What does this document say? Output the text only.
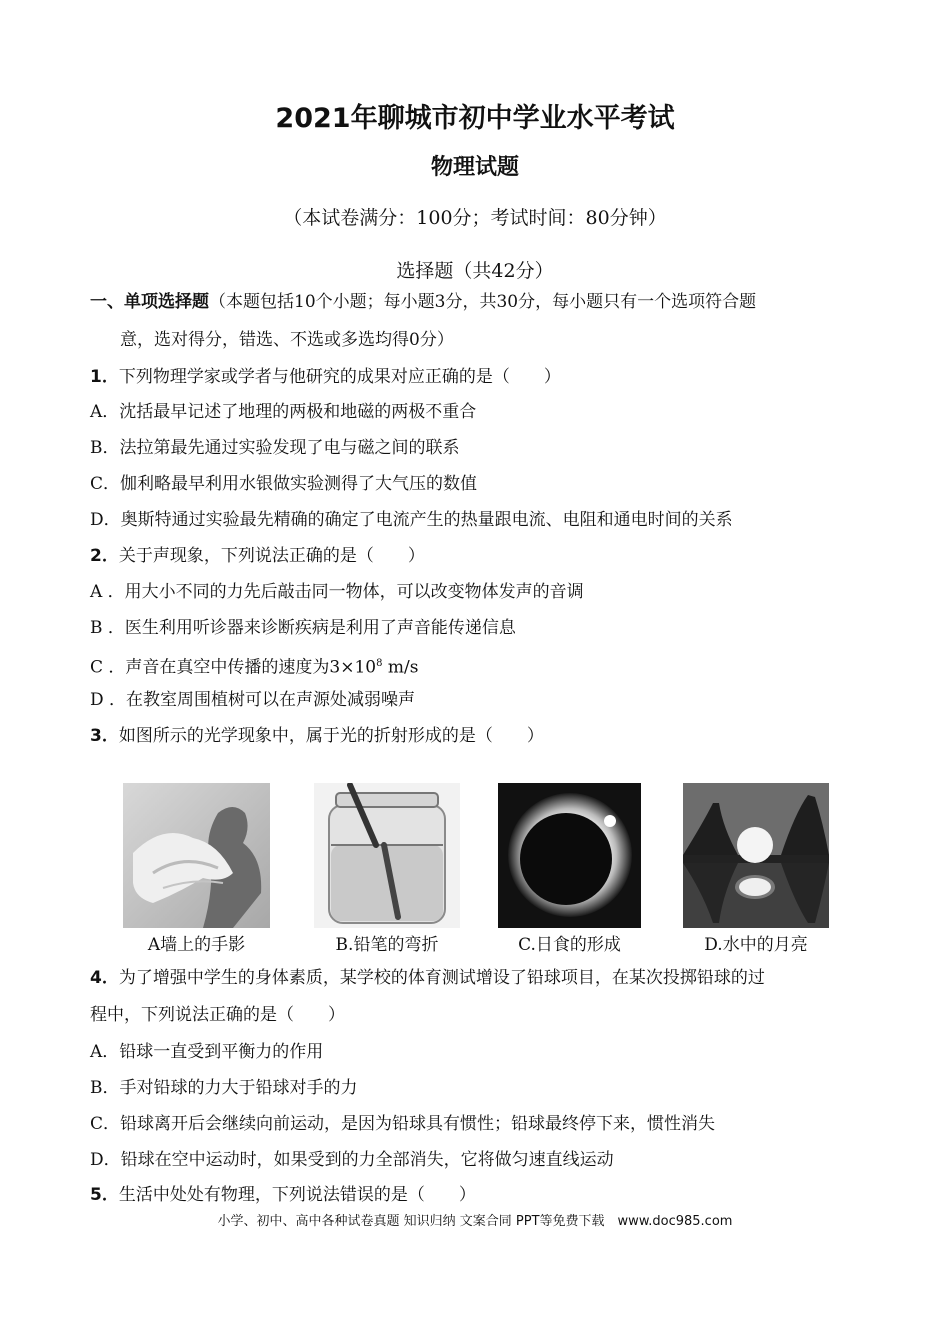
2021年聊城市初中学业水平考试
物理试题
（本试卷满分：100分；考试时间：80分钟）
选择题（共42分）
一、单项选择题（本题包括10个小题；每小题3分，共30分，每小题只有一个选项符合题
意，选对得分，错选、不选或多选均得0分）
1．下列物理学家或学者与他研究的成果对应正确的是（　　）
A．沈括最早记述了地理的两极和地磁的两极不重合
B．法拉第最先通过实验发现了电与磁之间的联系
C．伽利略最早利用水银做实验测得了大气压的数值
D．奥斯特通过实验最先精确的确定了电流产生的热量跟电流、电阻和通电时间的关系
2．关于声现象，下列说法正确的是（　　）
A ．用大小不同的力先后敲击同一物体，可以改变物体发声的音调
B ．医生利用听诊器来诊断疾病是利用了声音能传递信息
C ．声音在真空中传播的速度为$3\times 10^8$ m/s
D ．在教室周围植树可以在声源处减弱噪声
3．如图所示的光学现象中，属于光的折射形成的是（　　）
A墙上的手影	B.铅笔的弯折	C.日食的形成	D.水中的月亮
4．为了增强中学生的身体素质，某学校的体育测试增设了铅球项目，在某次投掷铅球的过
程中，下列说法正确的是（　　）
A．铅球一直受到平衡力的作用
B．手对铅球的力大于铅球对手的力
C．铅球离开后会继续向前运动，是因为铅球具有惯性；铅球最终停下来，惯性消失
D．铅球在空中运动时，如果受到的力全部消失，它将做匀速直线运动
5．生活中处处有物理，下列说法错误的是（　　）
小学、初中、高中各种试卷真题 知识归纳 文案合同 PPT等免费下载　www.doc985.com
